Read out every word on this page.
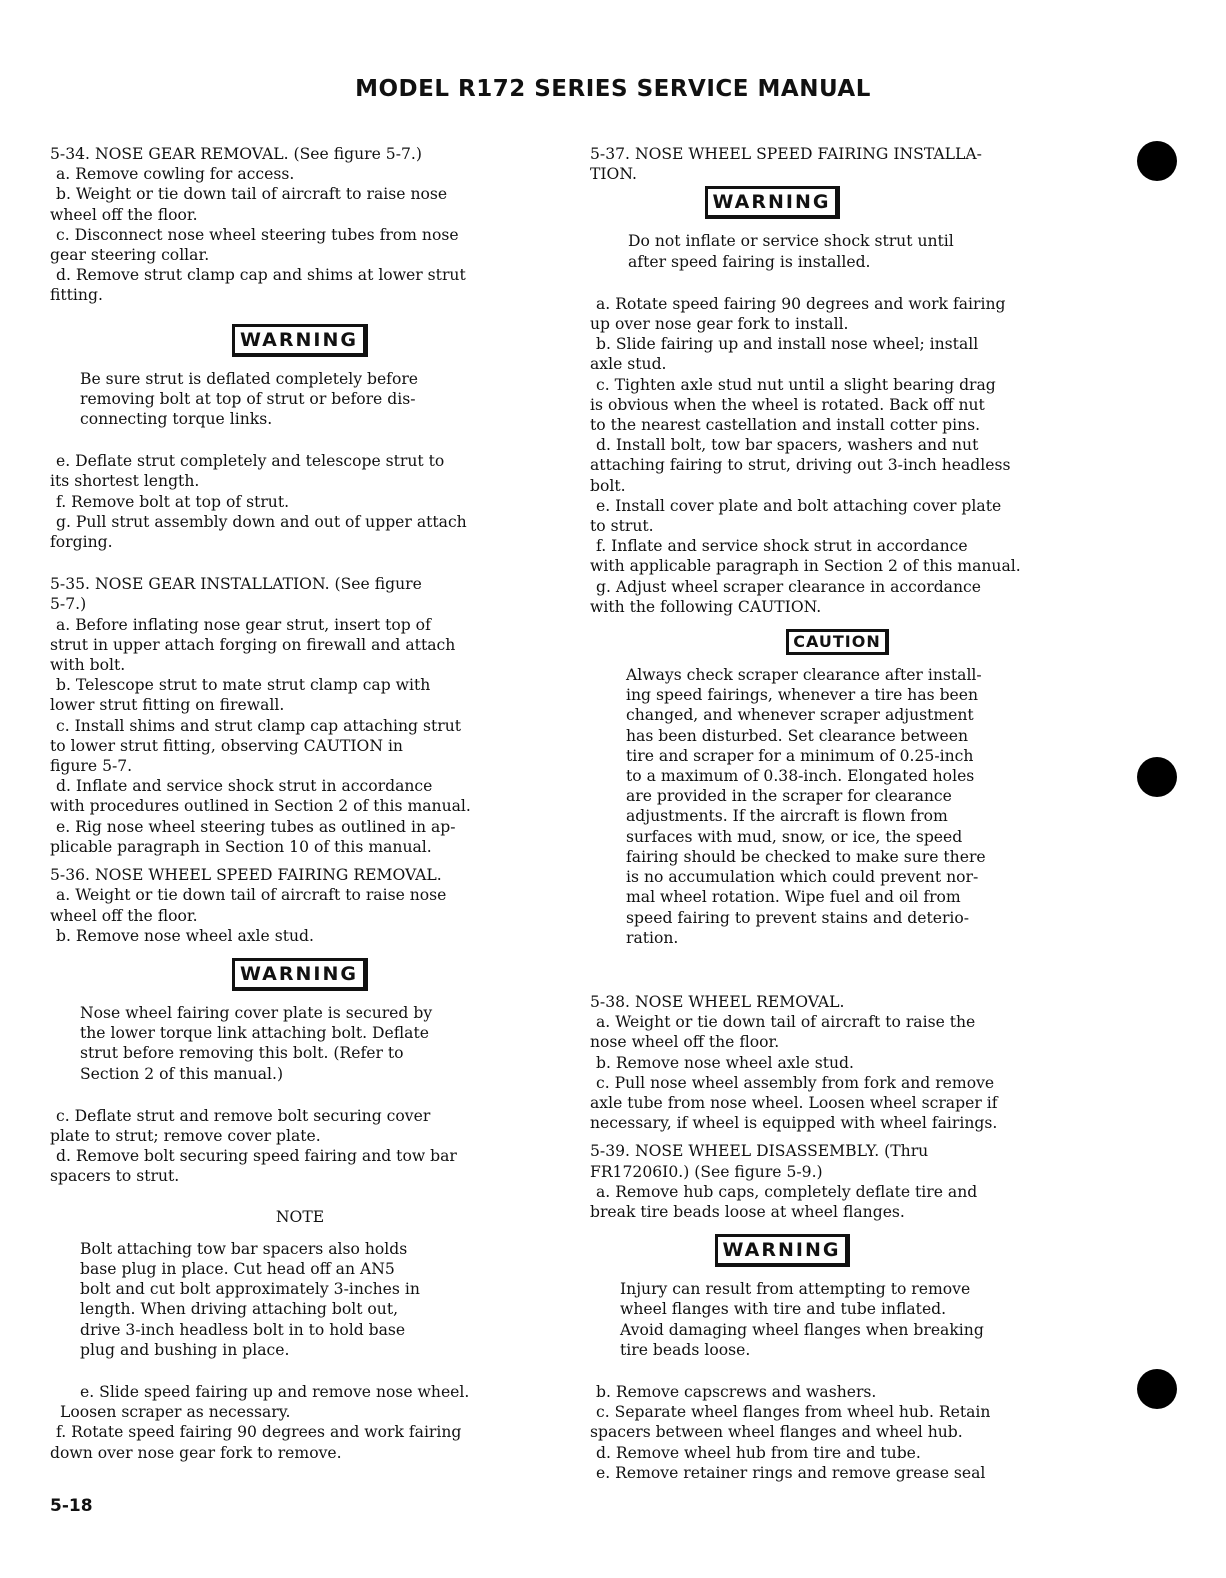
MODEL R172 SERIES SERVICE MANUAL

5-34. NOSE GEAR REMOVAL. (See figure 5-7.)

a. Remove cowling for access.

b. Weight or tie down tail of aircraft to raise nose

wheel off the floor.

c. Disconnect nose wheel steering tubes from nose

gear steering collar.

d. Remove strut clamp cap and shims at lower strut

fitting.

WARNING

Be sure strut is deflated completely before

removing bolt at top of strut or before dis-

connecting torque links.

e. Deflate strut completely and telescope strut to

its shortest length.

f. Remove bolt at top of strut.

g. Pull strut assembly down and out of upper attach

forging.

5-35. NOSE GEAR INSTALLATION. (See figure

5-7.)

a. Before inflating nose gear strut, insert top of

strut in upper attach forging on firewall and attach

with bolt.

b. Telescope strut to mate strut clamp cap with

lower strut fitting on firewall.

c. Install shims and strut clamp cap attaching strut

to lower strut fitting, observing CAUTION in

figure 5-7.

d. Inflate and service shock strut in accordance

with procedures outlined in Section 2 of this manual.

e. Rig nose wheel steering tubes as outlined in ap-

plicable paragraph in Section 10 of this manual.

5-36. NOSE WHEEL SPEED FAIRING REMOVAL.

a. Weight or tie down tail of aircraft to raise nose

wheel off the floor.

b. Remove nose wheel axle stud.

WARNING

Nose wheel fairing cover plate is secured by

the lower torque link attaching bolt. Deflate

strut before removing this bolt. (Refer to

Section 2 of this manual.)

c. Deflate strut and remove bolt securing cover

plate to strut; remove cover plate.

d. Remove bolt securing speed fairing and tow bar

spacers to strut.

NOTE

Bolt attaching tow bar spacers also holds

base plug in place. Cut head off an AN5

bolt and cut bolt approximately 3-inches in

length. When driving attaching bolt out,

drive 3-inch headless bolt in to hold base

plug and bushing in place.

e. Slide speed fairing up and remove nose wheel.

Loosen scraper as necessary.

f. Rotate speed fairing 90 degrees and work fairing

down over nose gear fork to remove.

5-37. NOSE WHEEL SPEED FAIRING INSTALLA-

TION.

WARNING

Do not inflate or service shock strut until

after speed fairing is installed.

a. Rotate speed fairing 90 degrees and work fairing

up over nose gear fork to install.

b. Slide fairing up and install nose wheel; install

axle stud.

c. Tighten axle stud nut until a slight bearing drag

is obvious when the wheel is rotated. Back off nut

to the nearest castellation and install cotter pins.

d. Install bolt, tow bar spacers, washers and nut

attaching fairing to strut, driving out 3-inch headless

bolt.

e. Install cover plate and bolt attaching cover plate

to strut.

f. Inflate and service shock strut in accordance

with applicable paragraph in Section 2 of this manual.

g. Adjust wheel scraper clearance in accordance

with the following CAUTION.

CAUTION

Always check scraper clearance after install-

ing speed fairings, whenever a tire has been

changed, and whenever scraper adjustment

has been disturbed. Set clearance between

tire and scraper for a minimum of 0.25-inch

to a maximum of 0.38-inch. Elongated holes

are provided in the scraper for clearance

adjustments. If the aircraft is flown from

surfaces with mud, snow, or ice, the speed

fairing should be checked to make sure there

is no accumulation which could prevent nor-

mal wheel rotation. Wipe fuel and oil from

speed fairing to prevent stains and deterio-

ration.

5-38. NOSE WHEEL REMOVAL.

a. Weight or tie down tail of aircraft to raise the

nose wheel off the floor.

b. Remove nose wheel axle stud.

c. Pull nose wheel assembly from fork and remove

axle tube from nose wheel. Loosen wheel scraper if

necessary, if wheel is equipped with wheel fairings.

5-39. NOSE WHEEL DISASSEMBLY. (Thru

FR17206I0.) (See figure 5-9.)

a. Remove hub caps, completely deflate tire and

break tire beads loose at wheel flanges.

WARNING

Injury can result from attempting to remove

wheel flanges with tire and tube inflated.

Avoid damaging wheel flanges when breaking

tire beads loose.

b. Remove capscrews and washers.

c. Separate wheel flanges from wheel hub. Retain

spacers between wheel flanges and wheel hub.

d. Remove wheel hub from tire and tube.

e. Remove retainer rings and remove grease seal

5-18
